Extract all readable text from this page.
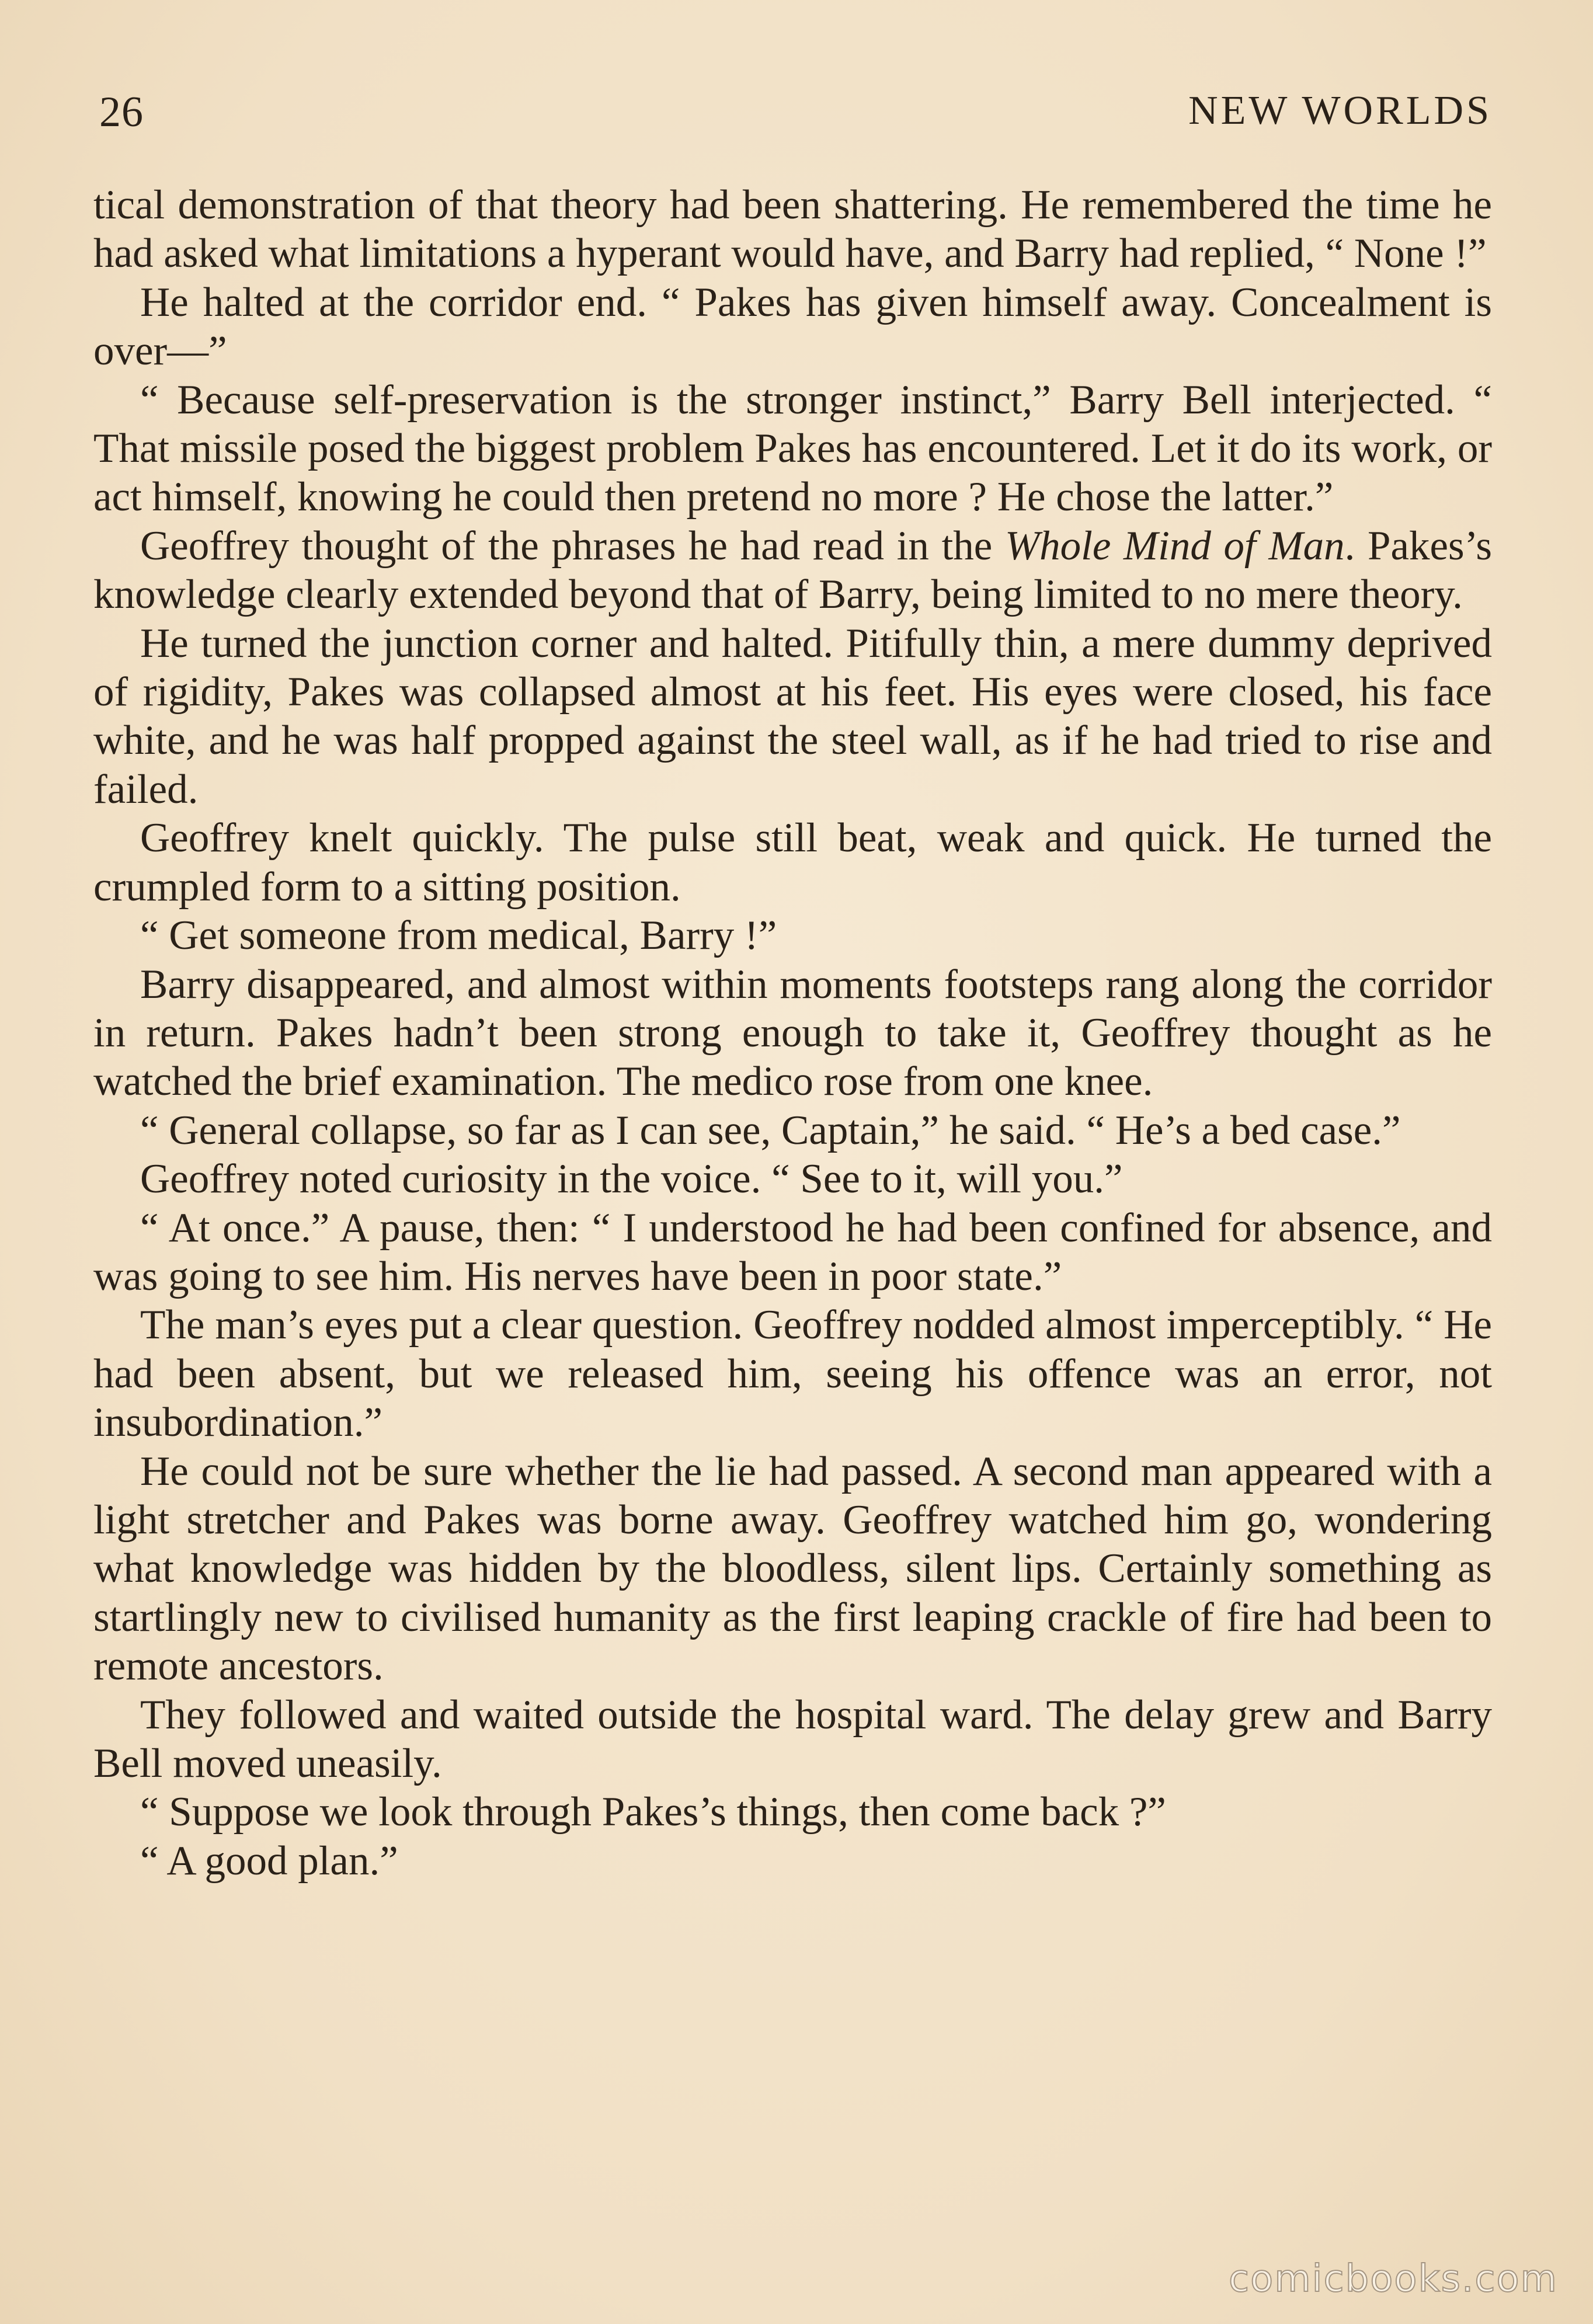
26	NEW WORLDS

tical demonstration of that theory had been shattering. He remembered the time he had asked what limitations a hyperant would have, and Barry had replied, “ None !”

He halted at the corridor end. “ Pakes has given himself away. Concealment is over—”

“ Because self-preservation is the stronger instinct,” Barry Bell interjected. “ That missile posed the biggest problem Pakes has encountered. Let it do its work, or act himself, knowing he could then pretend no more ? He chose the latter.”

Geoffrey thought of the phrases he had read in the Whole Mind of Man. Pakes’s knowledge clearly extended beyond that of Barry, being limited to no mere theory.

He turned the junction corner and halted. Pitifully thin, a mere dummy deprived of rigidity, Pakes was collapsed almost at his feet. His eyes were closed, his face white, and he was half propped against the steel wall, as if he had tried to rise and failed.

Geoffrey knelt quickly. The pulse still beat, weak and quick. He turned the crumpled form to a sitting position.

“ Get someone from medical, Barry !”

Barry disappeared, and almost within moments footsteps rang along the corridor in return. Pakes hadn’t been strong enough to take it, Geoffrey thought as he watched the brief examination. The medico rose from one knee.

“ General collapse, so far as I can see, Captain,” he said. “ He’s a bed case.”

Geoffrey noted curiosity in the voice. “ See to it, will you.”

“ At once.” A pause, then: “ I understood he had been confined for absence, and was going to see him. His nerves have been in poor state.”

The man’s eyes put a clear question. Geoffrey nodded almost imperceptibly. “ He had been absent, but we released him, seeing his offence was an error, not insubordination.”

He could not be sure whether the lie had passed. A second man appeared with a light stretcher and Pakes was borne away. Geoffrey watched him go, wondering what knowledge was hidden by the bloodless, silent lips. Certainly something as startlingly new to civilised humanity as the first leaping crackle of fire had been to remote ancestors.

They followed and waited outside the hospital ward. The delay grew and Barry Bell moved uneasily.

“ Suppose we look through Pakes’s things, then come back ?”

“ A good plan.”

comicbooks.com
